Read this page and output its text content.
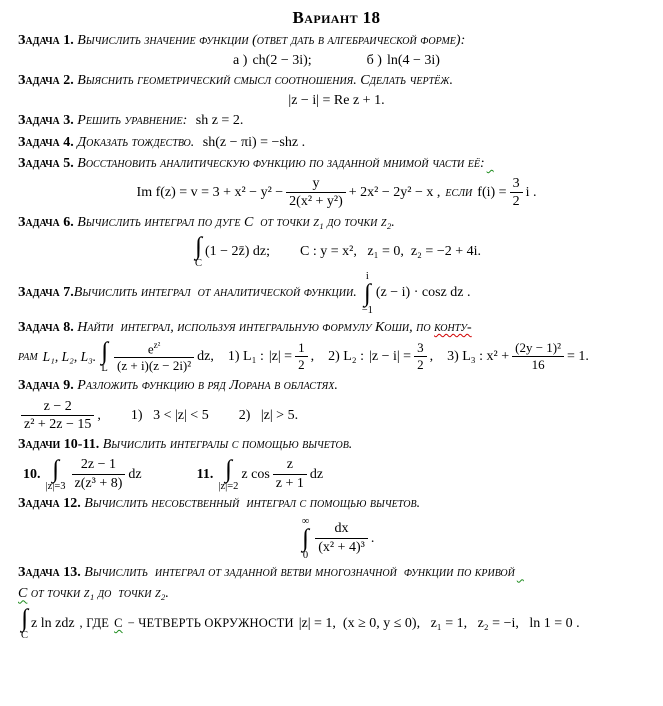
Вариант 18
Задача 1. Вычислить значение функции (ответ дать в алгебраической форме):
а ) ch(2 − 3i);	б ) ln(4 − 3i)
Задача 2. Выяснить геометрический смысл соотношения. Сделать чертёж.
|z − i| = Re z + 1.
Задача 3. Решить уравнение: sh z = 2.
Задача 4. Доказать тождество. sh(z − πi) = −shz .
Задача 5. Восстановить аналитическую функцию по заданной мнимой части её:
Im $f(z) = v = 3 + x^2 - y^2 - \frac{y}{\text{2(x² + y²)}} + 2x^2 - 2y^2 - x$ , если $f(i) = \frac{3}{2}$ i .
Задача 6. Вычислить интеграл по дуге С  от точки z₁ до точки z₂.
∫
C
(1 − 2z̄) dz; C : y = x²,   z₁ = 0,  z₂ = −2 + 4i.
Задача 7. Вычислить интеграл  от аналитической функции.
i
∫
−1
(z − i) · cosz dz .
Задача 8. Найти  интеграл, используя интегральную формулу Коши, по конту-
рам L₁, L₂, L₃. ∫
L $\frac{e^{z^2}}{\text{(z + i)(z − 2i)²}}$ dz, 1) L₁ : $|z| = \frac{1}{2}$ , 2) L₂ : $|z - i| = \frac{3}{2}$ , 3) L₃ : $x^2 + \frac{\text{(2y − 1)²}}{16} = 1$.
Задача 9. Разложить функцию в ряд Лорана в областях.
$\frac{z - 2}{\text{z² + 2z − 15}}$ , 1)   3 < |z| < 5 2)   |z| > 5.
Задачи 10-11. Вычислить интегралы с помощью вычетов.
10. ∫
$|z|=3 \frac{2z - 1}{\text{z(z³ + 8)}}$ dz	11. ∫
|z|=2
z $\cos \frac{z}{z + 1}$ dz
Задача 12. Вычислить несобственный  интеграл с помощью вычетов.
∞
∫
$0 \frac{dx}{\text{(x² + 4)³}}$ .
Задача 13. Вычислить  интеграл от заданной ветви многозначной  функции по кривой
С от точки z₁ до  точки z₂.
∫
C
z ln zdz , ГДЕ С − ЧЕТВЕРТЬ ОКРУЖНОСТИ |z| = 1,  (x ≥ 0, y ≤ 0),   z₁ = 1,   z₂ = −i,   ln 1 = 0 .
